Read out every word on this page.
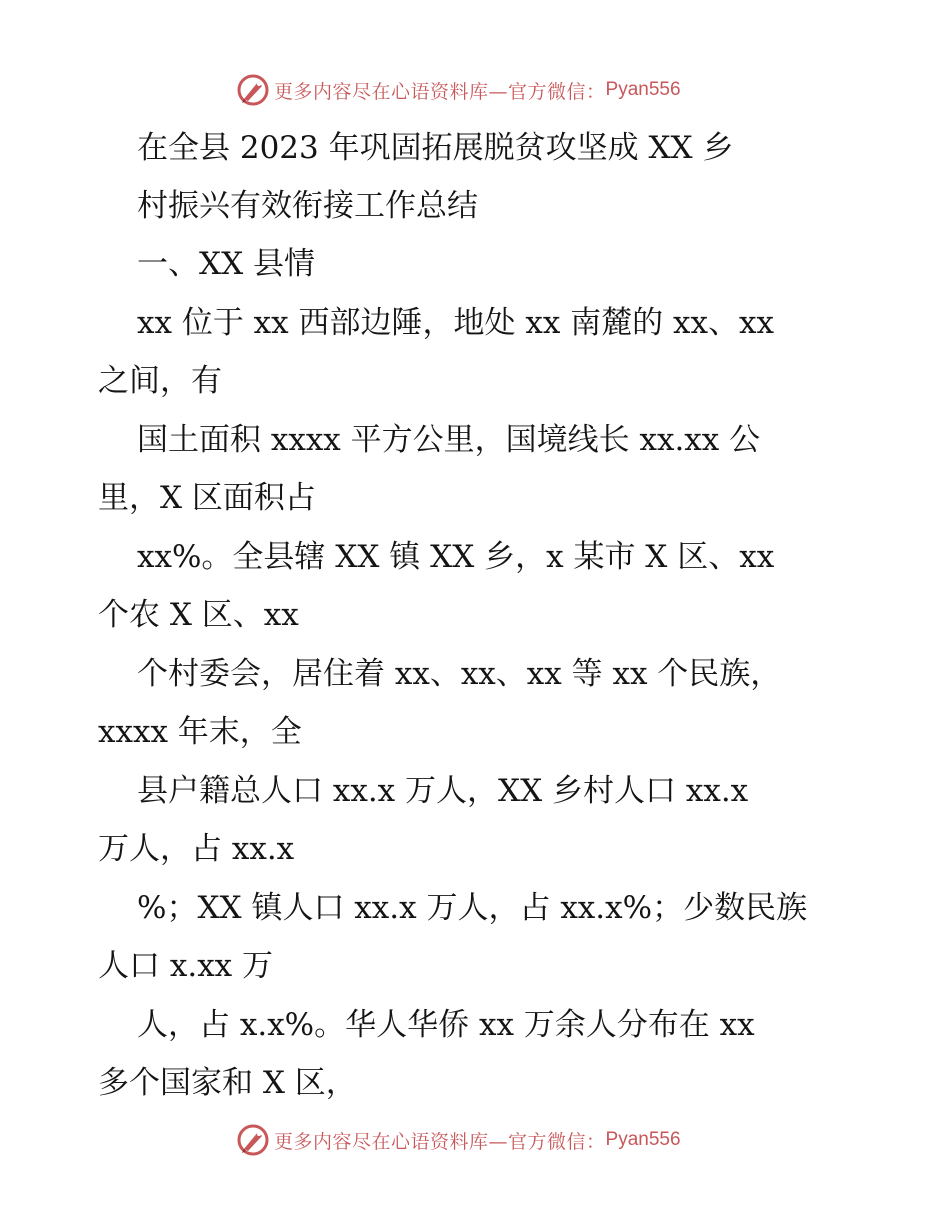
更多内容尽在心语资料库—官方微信： Pyan556

在全县 2023 年巩固拓展脱贫攻坚成 XX 乡

村振兴有效衔接工作总结

一、XX 县情

xx 位于 xx 西部边陲，地处 xx 南麓的 xx、xx

之间，有

国土面积 xxxx 平方公里，国境线长 xx.xx 公

里，X 区面积占

xx%。全县辖 XX 镇 XX 乡，x 某市 X 区、xx

个农 X 区、xx

个村委会，居住着 xx、xx、xx 等 xx 个民族，

xxxx 年末，全

县户籍总人口 xx.x 万人，XX 乡村人口 xx.x

万人，占 xx.x

%；XX 镇人口 xx.x 万人，占 xx.x%；少数民族

人口 x.xx 万

人，占 x.x%。华人华侨 xx 万余人分布在 xx

多个国家和 X 区，

更多内容尽在心语资料库—官方微信： Pyan556
